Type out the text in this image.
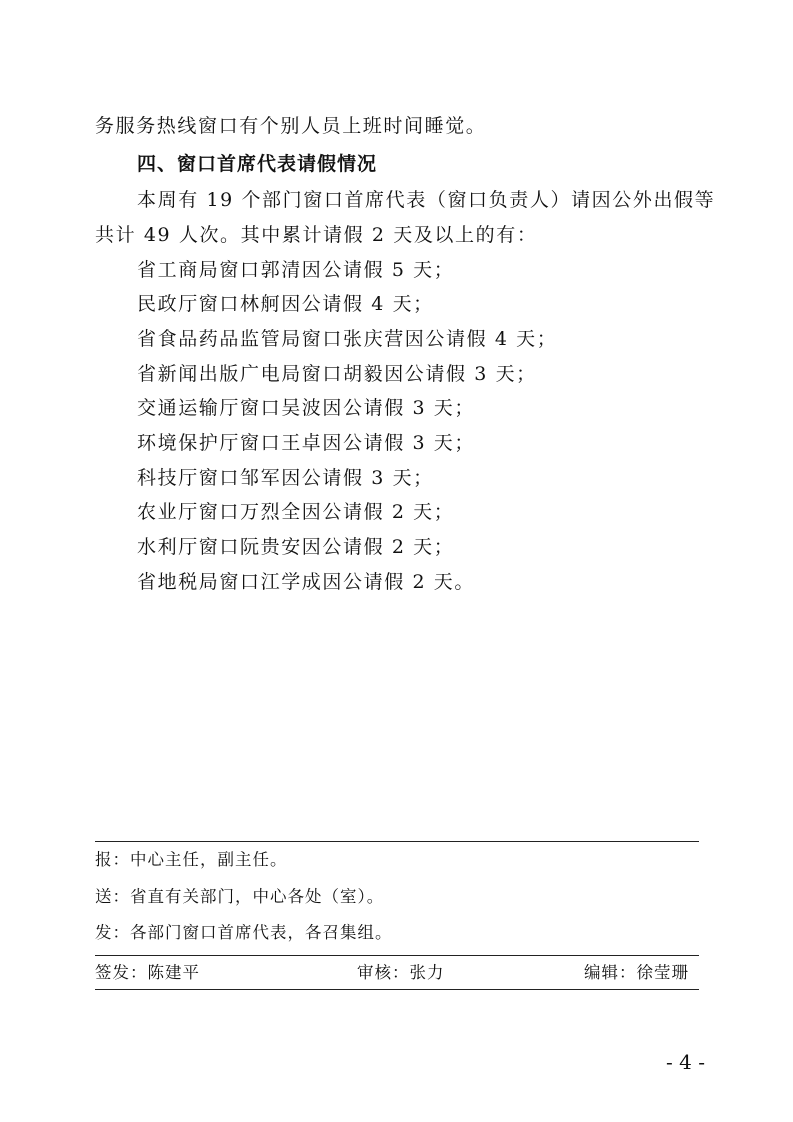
务服务热线窗口有个别人员上班时间睡觉。
四、窗口首席代表请假情况
本周有 19 个部门窗口首席代表（窗口负责人）请因公外出假等
共计 49 人次。其中累计请假 2 天及以上的有：
省工商局窗口郭清因公请假 5 天；
民政厅窗口林舸因公请假 4 天；
省食品药品监管局窗口张庆营因公请假 4 天；
省新闻出版广电局窗口胡毅因公请假 3 天；
交通运输厅窗口吴波因公请假 3 天；
环境保护厅窗口王卓因公请假 3 天；
科技厅窗口邹军因公请假 3 天；
农业厅窗口万烈全因公请假 2 天；
水利厅窗口阮贵安因公请假 2 天；
省地税局窗口江学成因公请假 2 天。
报：中心主任，副主任。
送：省直有关部门，中心各处（室）。
发：各部门窗口首席代表，各召集组。
签发：陈建平	审核：张力	编辑：徐莹珊
- 4 -
